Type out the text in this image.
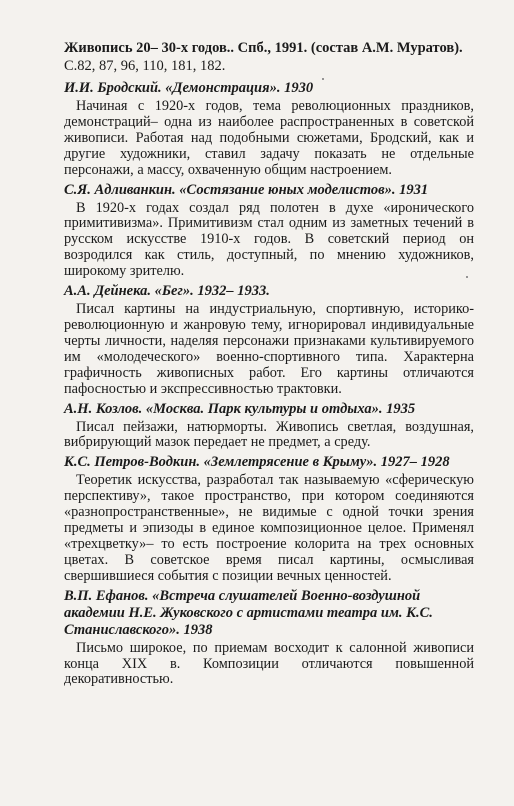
Живопись 20– 30-х годов.. Спб., 1991. (состав А.М. Муратов).

С.82, 87, 96, 110, 181, 182.

И.И. Бродский. «Демонстрация». 1930

Начиная с 1920-х годов, тема революционных праздников, демонстраций– одна из наиболее распространенных в советской живописи. Работая над подобными сюжетами, Бродский, как и другие художники, ставил задачу показать не отдельные персонажи, а массу, охваченную общим настроением.

С.Я. Адливанкин. «Состязание юных моделистов». 1931

В 1920-х годах создал ряд полотен в духе «иронического примитивизма». Примитивизм стал одним из заметных течений в русском искусстве 1910-х годов. В советский период он возродился как стиль, доступный, по мнению художников, широкому зрителю.

А.А. Дейнека. «Бег». 1932– 1933.

Писал картины на индустриальную, спортивную, историко-революционную и жанровую тему, игнорировал индивидуальные черты личности, наделяя персонажи признаками культивируемого им «молодеческого» военно-спортивного типа. Характерна графичность живописных работ. Его картины отличаются пафосностью и экспрессивностью трактовки.

А.Н. Козлов. «Москва. Парк культуры и отдыха». 1935

Писал пейзажи, натюрморты. Живопись светлая, воздушная, вибрирующий мазок передает не предмет, а среду.

К.С. Петров-Водкин. «Землетрясение в Крыму». 1927– 1928

Теоретик искусства, разработал так называемую «сферическую перспективу», такое пространство, при котором соединяются «разнопространственные», не видимые с одной точки зрения предметы и эпизоды в единое композиционное целое. Применял «трехцветку»– то есть построение колорита на трех основных цветах. В советское время писал картины, осмысливая свершившиеся события с позиции вечных ценностей.

В.П. Ефанов. «Встреча слушателей Военно-воздушной академии Н.Е. Жуковского с артистами театра им. К.С. Станиславского». 1938

Письмо широкое, по приемам восходит к салонной живописи конца XIX в. Композиции отличаются повышенной декоративностью.
